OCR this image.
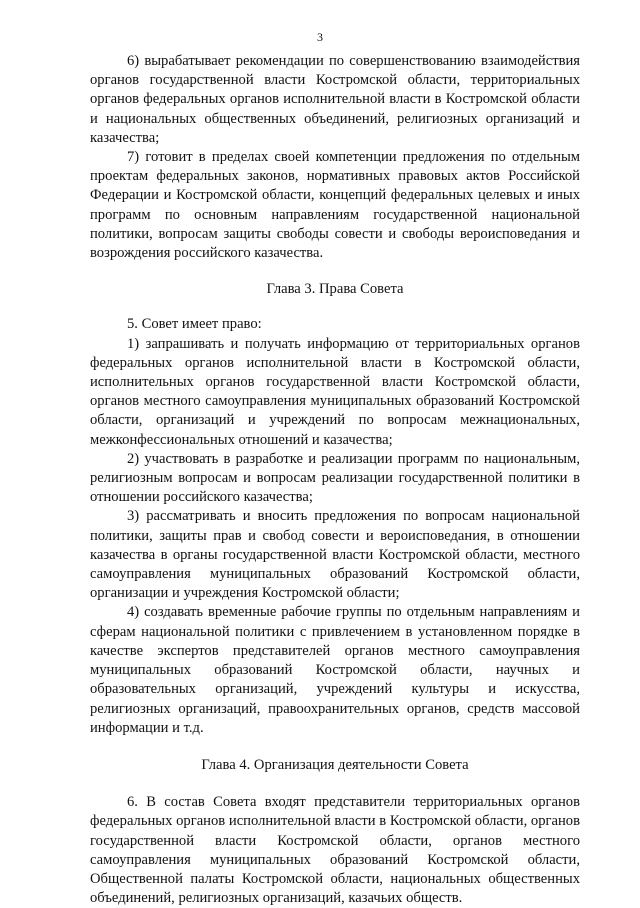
3

6) вырабатывает рекомендации по совершенствованию взаимодействия органов государственной власти Костромской области, территориальных органов федеральных органов исполнительной власти в Костромской области и национальных общественных объединений, религиозных организаций и казачества;

7) готовит в пределах своей компетенции предложения по отдельным проектам федеральных законов, нормативных правовых актов Российской Федерации и Костромской области, концепций федеральных целевых и иных программ по основным направлениям государственной национальной политики, вопросам защиты свободы совести и свободы вероисповедания и возрождения российского казачества.

Глава 3. Права Совета

5. Совет имеет право:

1) запрашивать и получать информацию от территориальных органов федеральных органов исполнительной власти в Костромской области, исполнительных органов государственной власти Костромской области, органов местного самоуправления муниципальных образований Костромской области, организаций и учреждений по вопросам межнациональных, межконфессиональных отношений и казачества;

2) участвовать в разработке и реализации программ по национальным, религиозным вопросам и вопросам реализации государственной политики в отношении российского казачества;

3) рассматривать и вносить предложения по вопросам национальной политики, защиты прав и свобод совести и вероисповедания, в отношении казачества в органы государственной власти Костромской области, местного самоуправления муниципальных образований Костромской области, организации и учреждения Костромской области;

4) создавать временные рабочие группы по отдельным направлениям и сферам национальной политики с привлечением в установленном порядке в качестве экспертов представителей органов местного самоуправления муниципальных образований Костромской области, научных и образовательных организаций, учреждений культуры и искусства, религиозных организаций, правоохранительных органов, средств массовой информации и т.д.

Глава 4. Организация деятельности Совета

6. В состав Совета входят представители территориальных органов федеральных органов исполнительной власти в Костромской области, органов государственной власти Костромской области, органов местного самоуправления муниципальных образований Костромской области, Общественной палаты Костромской области, национальных общественных объединений, религиозных организаций, казачьих обществ.
